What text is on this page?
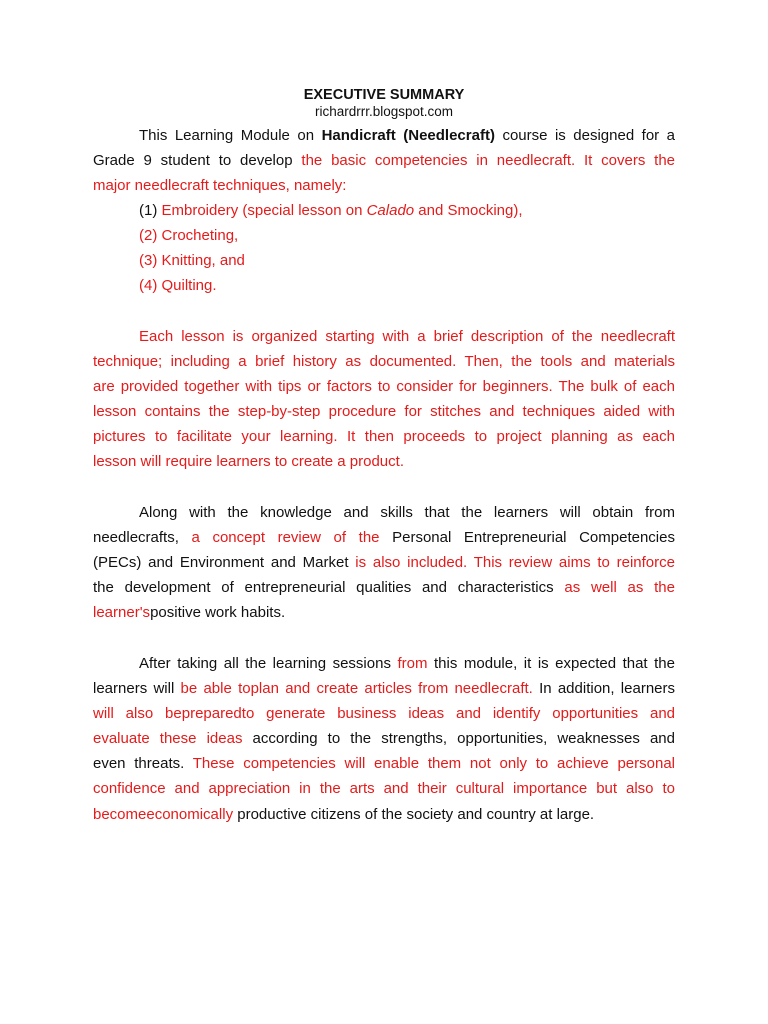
EXECUTIVE SUMMARY
richardrrr.blogspot.com
This Learning Module on Handicraft (Needlecraft) course is designed for a
Grade 9 student to develop the basic competencies in needlecraft. It covers the
major needlecraft techniques, namely:
(1) Embroidery (special lesson on Calado and Smocking),
(2) Crocheting,
(3) Knitting, and
(4) Quilting.
Each lesson is organized starting with a brief description of the needlecraft
technique; including a brief history as documented. Then, the tools and materials
are provided together with tips or factors to consider for beginners. The bulk of each
lesson contains the step-by-step procedure for stitches and techniques aided with
pictures to facilitate your learning. It then proceeds to project planning as each
lesson will require learners to create a product.
Along with the knowledge and skills that the learners will obtain from
needlecrafts, a concept review of the Personal Entrepreneurial Competencies
(PECs) and Environment and Market is also included. This review aims to reinforce
the development of entrepreneurial qualities and characteristics as well as the
learner'spositive work habits.
After taking all the learning sessions from this module, it is expected that the
learners will be able toplan and create articles from needlecraft. In addition, learners
will also bepreparedto generate business ideas and identify opportunities and
evaluate these ideas according to the strengths, opportunities, weaknesses and
even threats. These competencies will enable them not only to achieve personal
confidence and appreciation in the arts and their cultural importance but also to
becomeeconomically productive citizens of the society and country at large.
